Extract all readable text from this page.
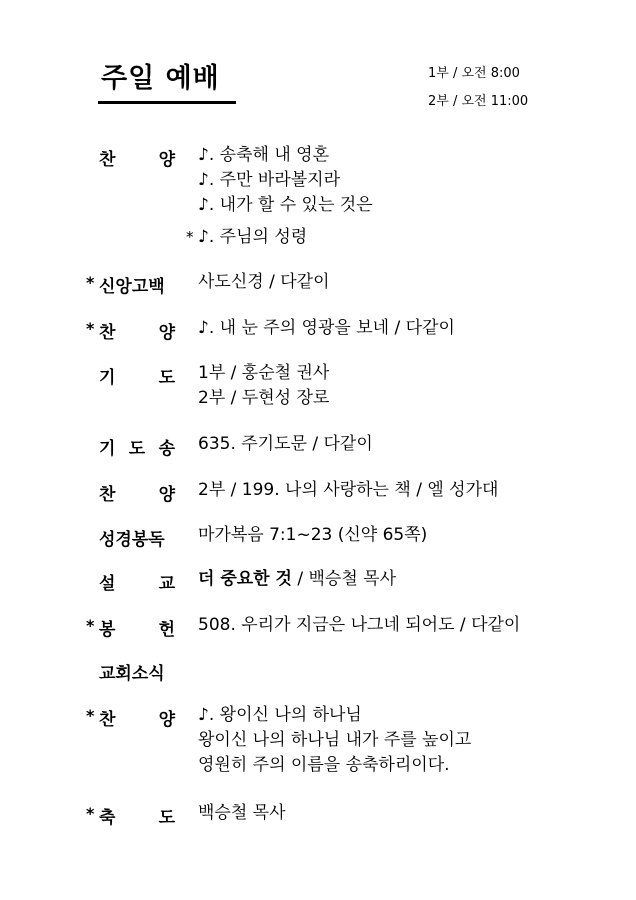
주일 예배	1부 / 오전 8:00
2부 / 오전 11:00
찬	양 ♪. 송축해 내 영혼
♪. 주만 바라볼지라
♪. 내가 할 수 있는 것은
* ♪. 주님의 성령
* 신앙고백	사도신경 / 다같이
* 찬	양 ♪. 내 눈 주의 영광을 보네 / 다같이
기	도 1부 / 홍순철 권사
2부 / 두현성 장로
기 도 송 635. 주기도문 / 다같이
찬	양 2부 / 199. 나의 사랑하는 책 / 엘 성가대
성경봉독	마가복음 7:1~23 (신약 65쪽)
설	교 더 중요한 것 / 백승철 목사
* 봉	헌 508. 우리가 지금은 나그네 되어도 / 다같이
교회소식
* 찬	양 ♪. 왕이신 나의 하나님
왕이신 나의 하나님 내가 주를 높이고
영원히 주의 이름을 송축하리이다.
* 축	도 백승철 목사
